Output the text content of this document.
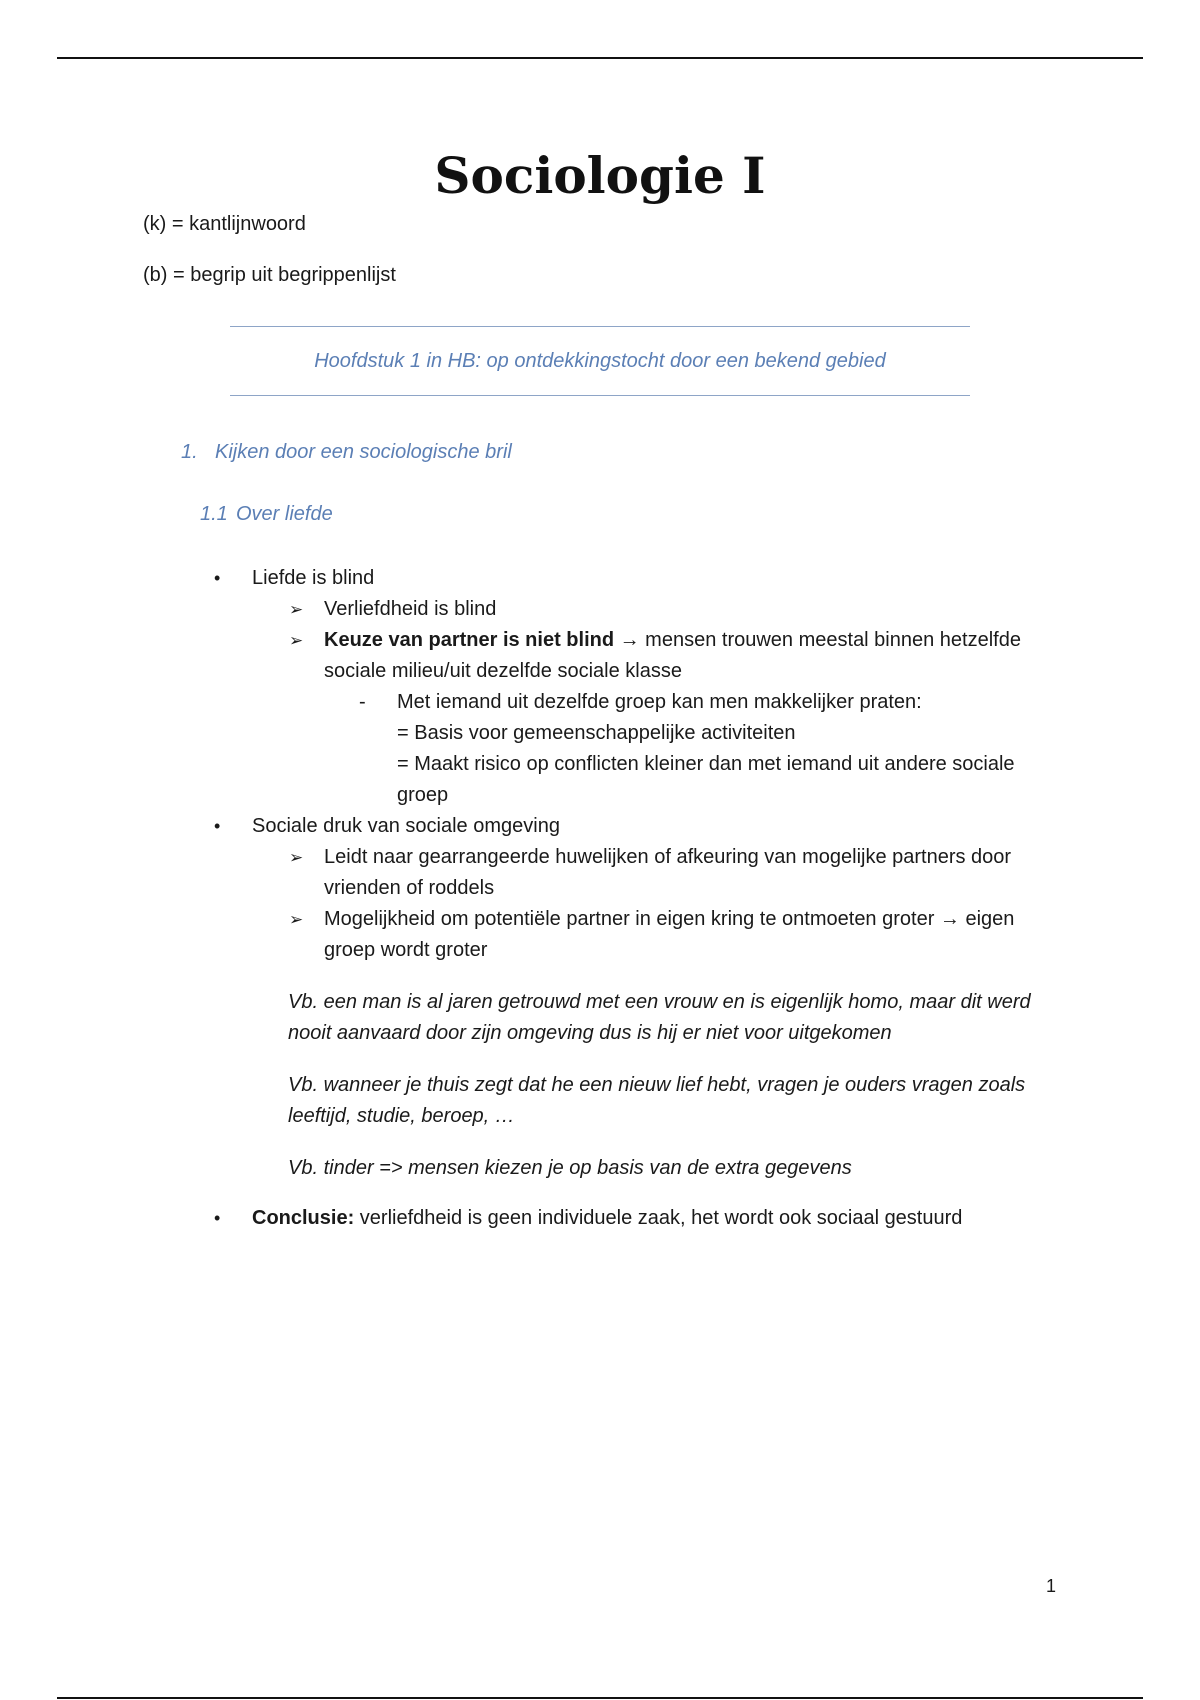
Sociologie I

(k) = kantlijnwoord

(b) = begrip uit begrippenlijst

Hoofdstuk 1 in HB: op ontdekkingstocht door een bekend gebied
1. Kijken door een sociologische bril
1.1 Over liefde
• Liefde is blind
➢ Verliefdheid is blind
➢ Keuze van partner is niet blind → mensen trouwen meestal binnen hetzelfde
sociale milieu/uit dezelfde sociale klasse
- Met iemand uit dezelfde groep kan men makkelijker praten:
= Basis voor gemeenschappelijke activiteiten
= Maakt risico op conflicten kleiner dan met iemand uit andere sociale
groep
• Sociale druk van sociale omgeving
➢ Leidt naar gearrangeerde huwelijken of afkeuring van mogelijke partners door
vrienden of roddels
➢ Mogelijkheid om potentiële partner in eigen kring te ontmoeten groter → eigen
groep wordt groter
Vb. een man is al jaren getrouwd met een vrouw en is eigenlijk homo, maar dit werd
nooit aanvaard door zijn omgeving dus is hij er niet voor uitgekomen
Vb. wanneer je thuis zegt dat he een nieuw lief hebt, vragen je ouders vragen zoals
leeftijd, studie, beroep, …
Vb. tinder => mensen kiezen je op basis van de extra gegevens
• Conclusie: verliefdheid is geen individuele zaak, het wordt ook sociaal gestuurd
1
